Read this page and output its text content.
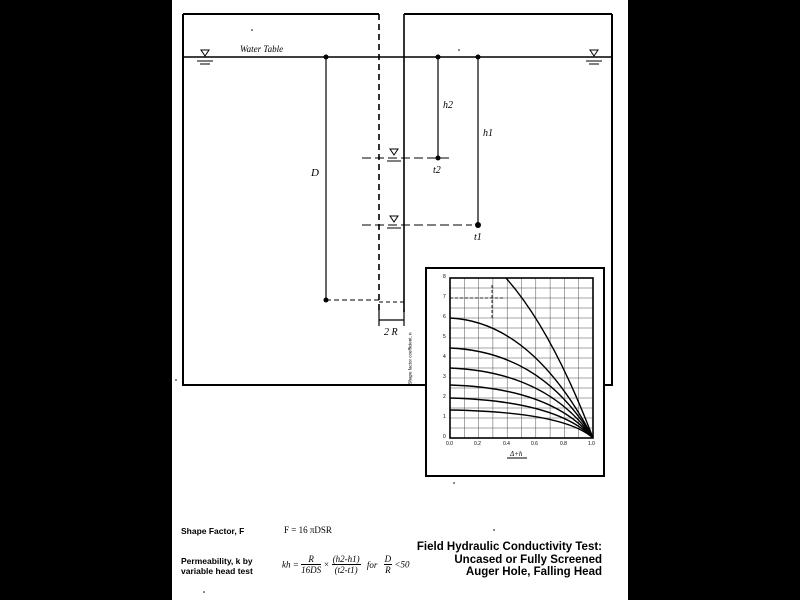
Water Table
h2
h1
D	t2
t1
2 R
8
7
6
5
4
3
2
1
0
0.0	0.2	0.4	0.6	0.8	1.0
Shape factor coefficient, n
Δ+h
Shape Factor, F	F = 16 πDSR
Permeability, k by
variable head test
kh = $\frac{R}{16DS} \times \frac{(h2-h1)}{(t2-t1)}$ for $\frac{D}{R} <50$
Field Hydraulic Conductivity Test:
Uncased or Fully Screened
Auger Hole, Falling Head
